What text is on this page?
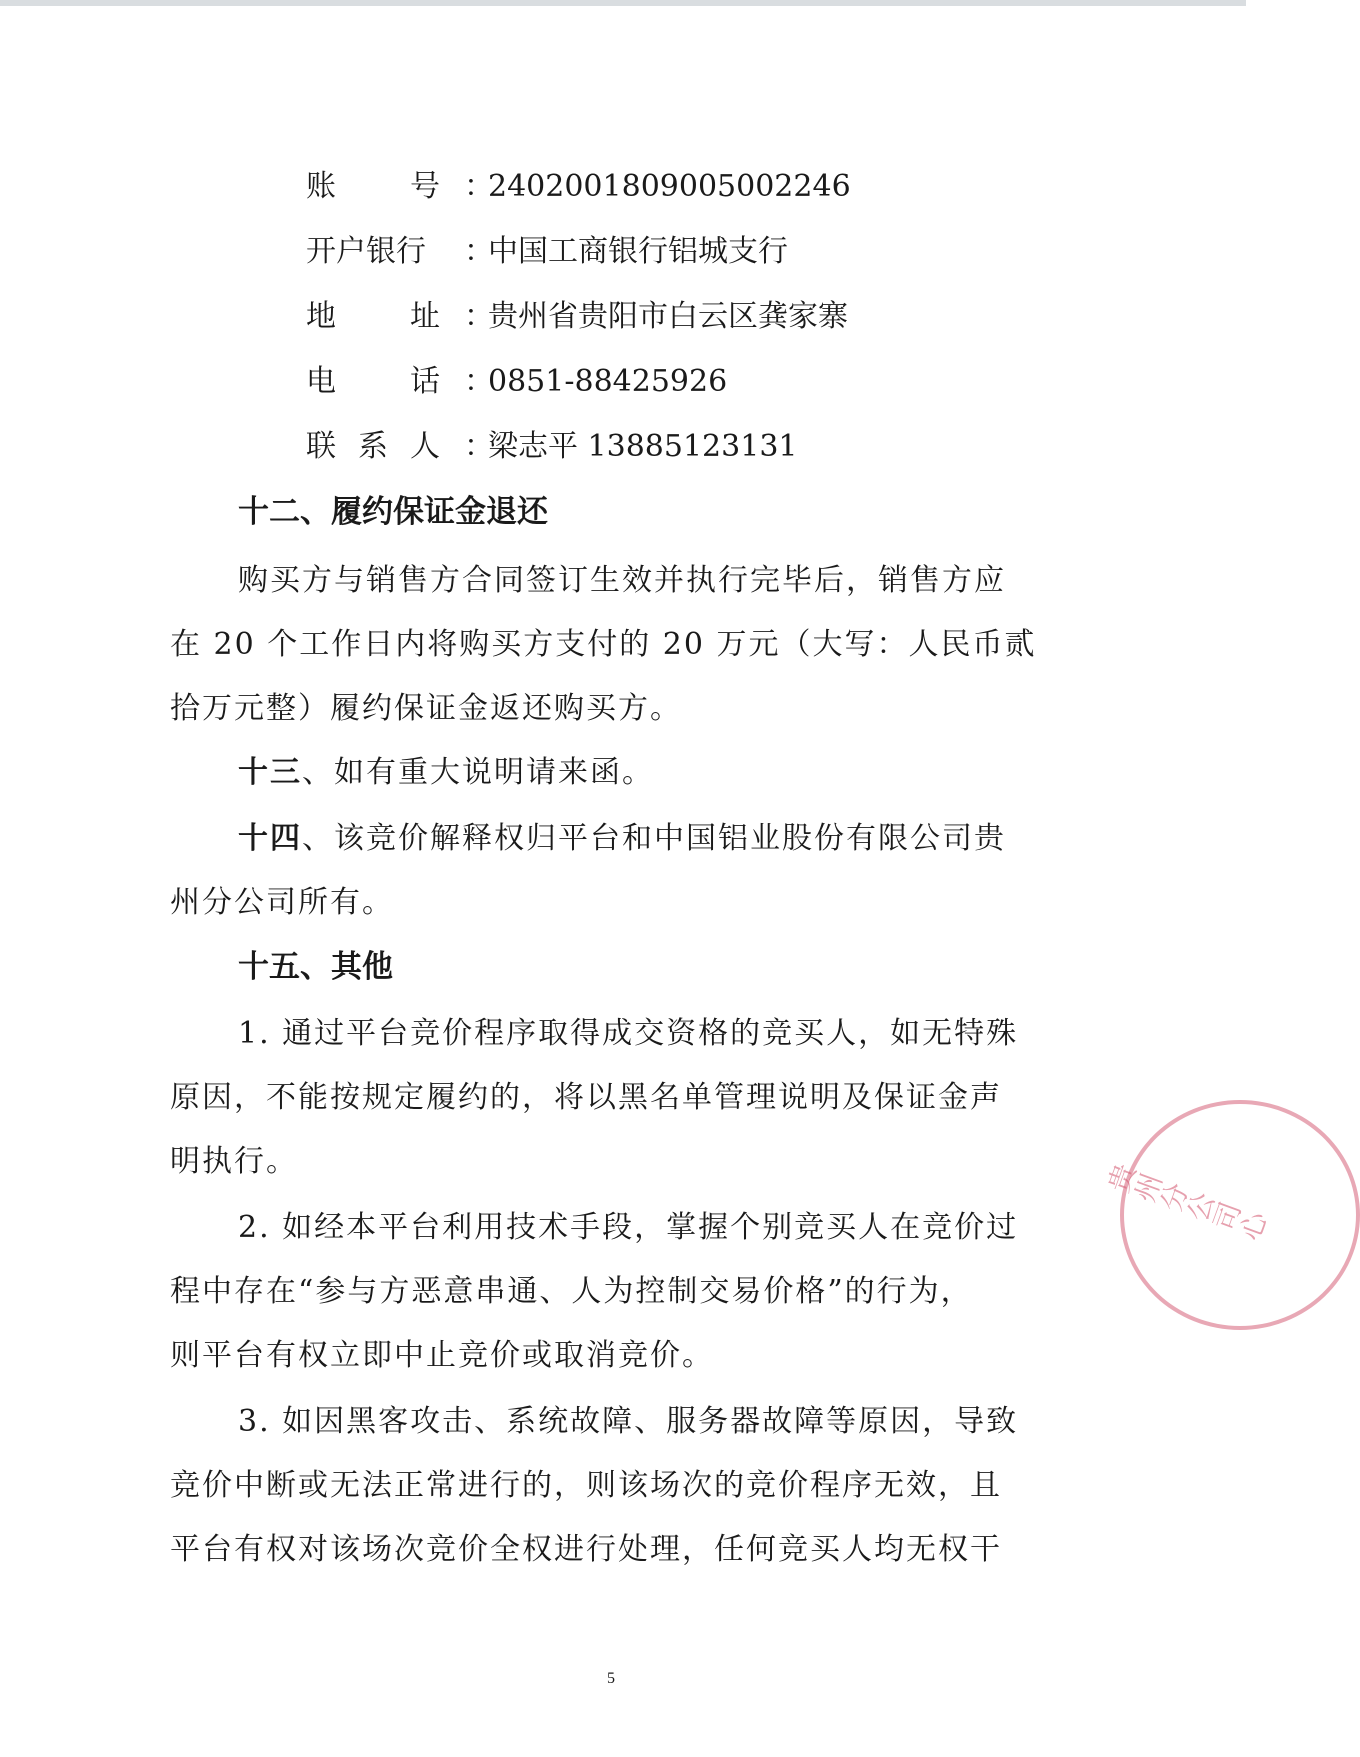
账 号 ：2402001809005002246
开户银行 ：中国工商银行铝城支行
地 址 ：贵州省贵阳市白云区龚家寨
电 话 ：0851-88425926
联 系 人 ：梁志平 13885123131
十二、履约保证金退还
购买方与销售方合同签订生效并执行完毕后，销售方应
在 20 个工作日内将购买方支付的 20 万元（大写：人民币贰
拾万元整）履约保证金返还购买方。
十三、如有重大说明请来函。
十四、该竞价解释权归平台和中国铝业股份有限公司贵
州分公司所有。
十五、其他
1. 通过平台竞价程序取得成交资格的竞买人，如无特殊
原因，不能按规定履约的，将以黑名单管理说明及保证金声
明执行。
2. 如经本平台利用技术手段，掌握个别竞买人在竞价过
程中存在“参与方恶意串通、人为控制交易价格”的行为，
则平台有权立即中止竞价或取消竞价。
3. 如因黑客攻击、系统故障、服务器故障等原因，导致
竞价中断或无法正常进行的，则该场次的竞价程序无效，且
平台有权对该场次竞价全权进行处理，任何竞买人均无权干
贵州分公司心
5
